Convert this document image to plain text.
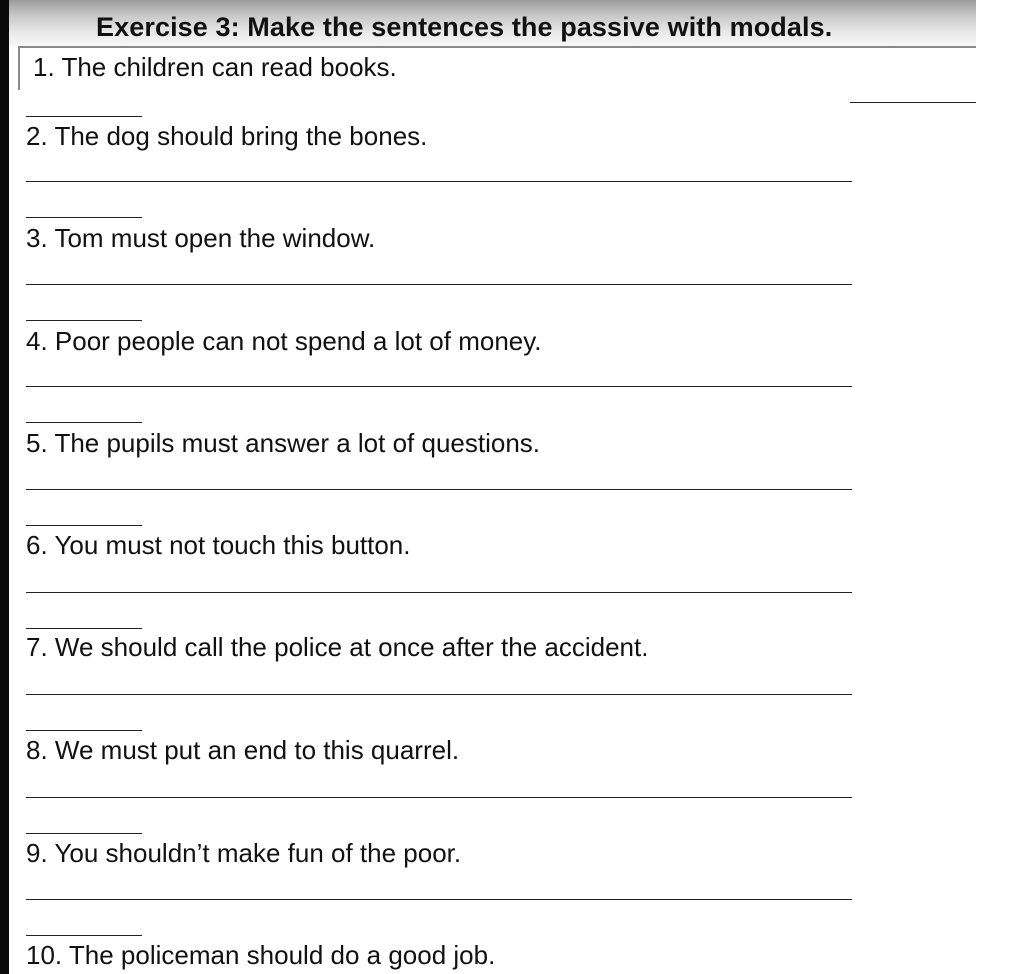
Exercise 3: Make the sentences the passive with modals.

1. The children can read books.

2. The dog should bring the bones.

3. Tom must open the window.

4. Poor people can not spend a lot of money.

5. The pupils must answer a lot of questions.

6. You must not touch this button.

7. We should call the police at once after the accident.

8. We must put an end to this quarrel.

9. You shouldn’t make fun of the poor.

10. The policeman should do a good job.
